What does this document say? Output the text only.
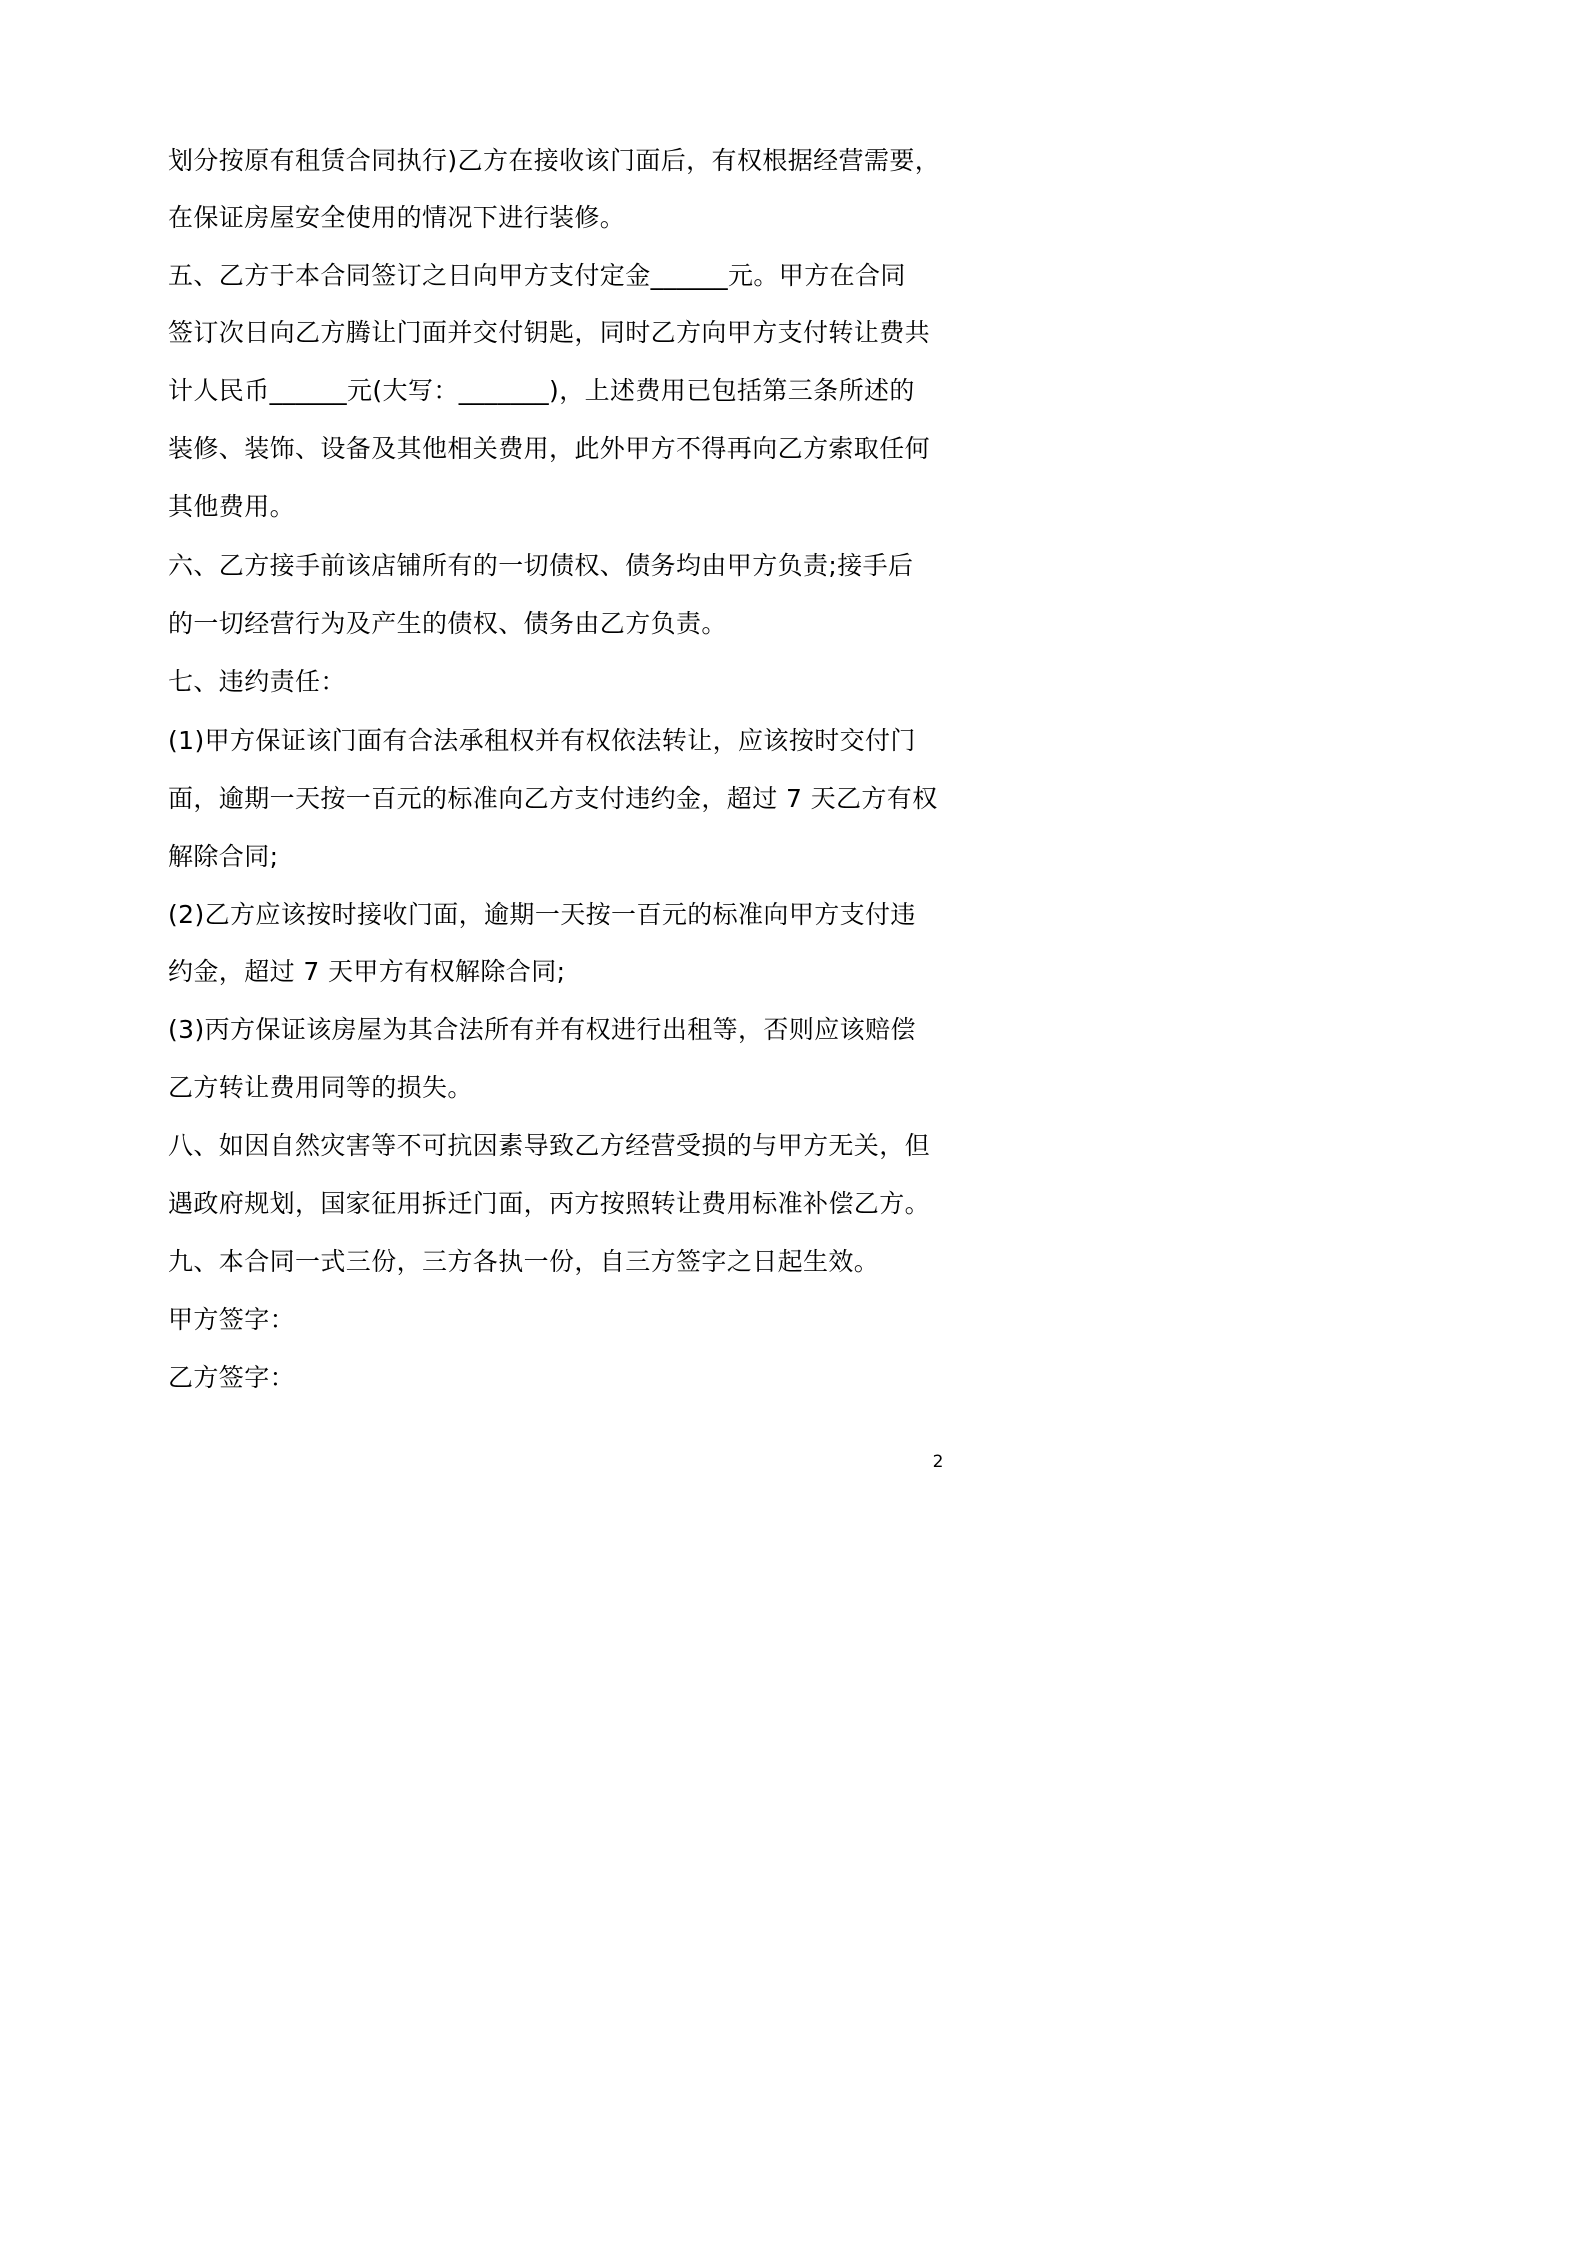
划分按原有租赁合同执行)乙方在接收该门面后，有权根据经营需要，
在保证房屋安全使用的情况下进行装修。
五、乙方于本合同签订之日向甲方支付定金______元。甲方在合同
签订次日向乙方腾让门面并交付钥匙，同时乙方向甲方支付转让费共
计人民币______元(大写：_______)，上述费用已包括第三条所述的
装修、装饰、设备及其他相关费用，此外甲方不得再向乙方索取任何
其他费用。
六、乙方接手前该店铺所有的一切债权、债务均由甲方负责;接手后
的一切经营行为及产生的债权、债务由乙方负责。
七、违约责任：
(1)甲方保证该门面有合法承租权并有权依法转让，应该按时交付门
面，逾期一天按一百元的标准向乙方支付违约金，超过 7 天乙方有权
解除合同;
(2)乙方应该按时接收门面，逾期一天按一百元的标准向甲方支付违
约金，超过 7 天甲方有权解除合同;
(3)丙方保证该房屋为其合法所有并有权进行出租等，否则应该赔偿
乙方转让费用同等的损失。
八、如因自然灾害等不可抗因素导致乙方经营受损的与甲方无关，但
遇政府规划，国家征用拆迁门面，丙方按照转让费用标准补偿乙方。
九、本合同一式三份，三方各执一份，自三方签字之日起生效。
甲方签字：
乙方签字：
2
